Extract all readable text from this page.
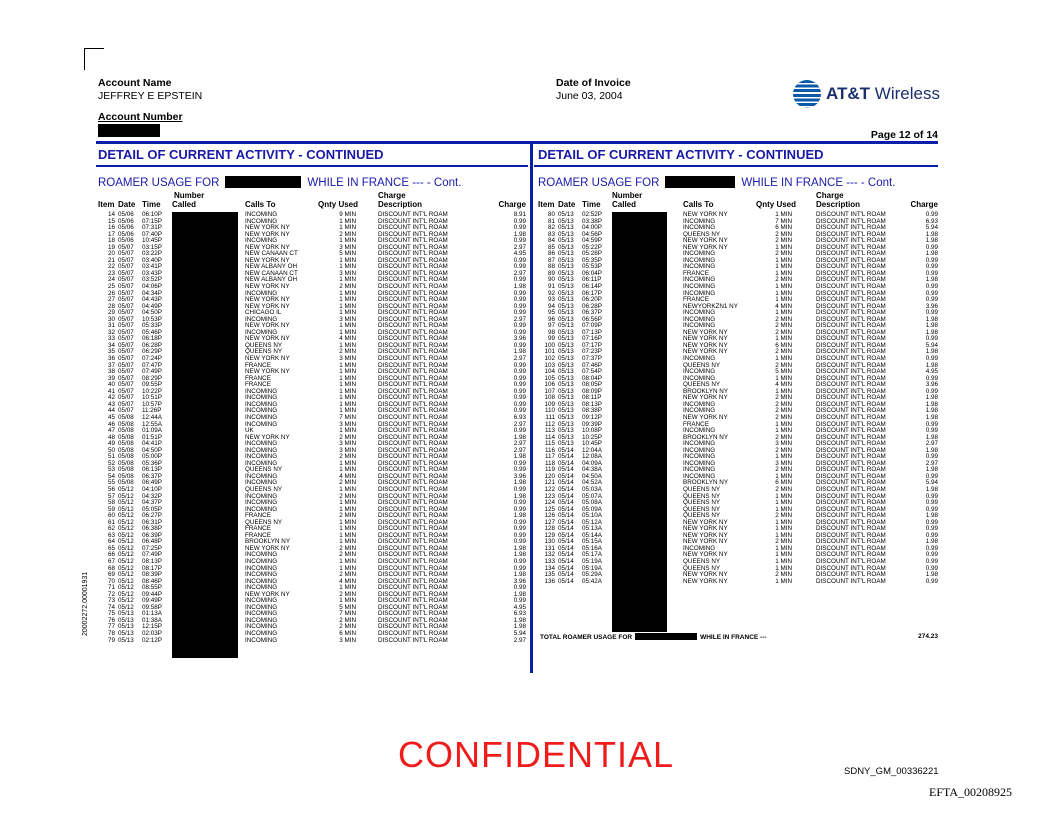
Account Name
JEFFREY E EPSTEIN
Account Number
Date of Invoice
June 03, 2004	AT&T Wireless
Page 12 of 14
DETAIL OF CURRENT ACTIVITY - CONTINUED	DETAIL OF CURRENT ACTIVITY - CONTINUED
ROAMER USAGE FOR	WHILE IN FRANCE --- - Cont.	ROAMER USAGE FOR	WHILE IN FRANCE --- - Cont.
Number	Charge
Item Date Time Called	Calls To	Qnty Used Description	Charge
Number	Charge
Item Date Time Called	Calls To	Qnty Used Description	Charge
14 05/06 06:10P	INCOMING	9 MIN	DISCOUNT INT'L ROAM	8.91
15 05/06 07:15P	INCOMING	1 MIN	DISCOUNT INT'L ROAM	0.99
16 05/06 07:31P	NEW YORK NY	1 MIN	DISCOUNT INT'L ROAM	0.99
17 05/06 07:40P	NEW YORK NY	2 MIN	DISCOUNT INT'L ROAM	1.98
18 05/06 10:45P	INCOMING	1 MIN	DISCOUNT INT'L ROAM	0.99
19 05/07 03:15P	NEW YORK NY	3 MIN	DISCOUNT INT'L ROAM	2.97
20 05/07 03:22P	NEW CANAAN CT	5 MIN	DISCOUNT INT'L ROAM	4.95
21 05/07 03:40P	NEW YORK NY	1 MIN	DISCOUNT INT'L ROAM	0.99
22 05/07 03:41P	NEW ALBANY OH	1 MIN	DISCOUNT INT'L ROAM	0.99
23 05/07 03:43P	NEW CANAAN CT	3 MIN	DISCOUNT INT'L ROAM	2.97
24 05/07 03:52P	NEW ALBANY OH	1 MIN	DISCOUNT INT'L ROAM	0.99
25 05/07 04:06P	NEW YORK NY	2 MIN	DISCOUNT INT'L ROAM	1.98
26 05/07 04:34P	INCOMING	1 MIN	DISCOUNT INT'L ROAM	0.99
27 05/07 04:43P	NEW YORK NY	1 MIN	DISCOUNT INT'L ROAM	0.99
28 05/07 04:49P	NEW YORK NY	1 MIN	DISCOUNT INT'L ROAM	0.99
29 05/07 04:50P	CHICAGO IL	1 MIN	DISCOUNT INT'L ROAM	0.99
30 05/07 10:53P	INCOMING	3 MIN	DISCOUNT INT'L ROAM	2.97
31 05/07 05:33P	NEW YORK NY	1 MIN	DISCOUNT INT'L ROAM	0.99
32 05/07 05:46P	INCOMING	1 MIN	DISCOUNT INT'L ROAM	0.99
33 05/07 06:18P	NEW YORK NY	4 MIN	DISCOUNT INT'L ROAM	3.96
34 05/07 06:28P	QUEENS NY	1 MIN	DISCOUNT INT'L ROAM	0.99
35 05/07 06:29P	QUEENS NY	2 MIN	DISCOUNT INT'L ROAM	1.98
36 05/07 07:24P	NEW YORK NY	3 MIN	DISCOUNT INT'L ROAM	2.97
37 05/07 07:47P	FRANCE	1 MIN	DISCOUNT INT'L ROAM	0.99
38 05/07 07:49P	NEW YORK NY	1 MIN	DISCOUNT INT'L ROAM	0.99
39 05/07 08:29P	FRANCE	1 MIN	DISCOUNT INT'L ROAM	0.99
40 05/07 09:55P	FRANCE	1 MIN	DISCOUNT INT'L ROAM	0.99
41 05/07 10:22P	INCOMING	1 MIN	DISCOUNT INT'L ROAM	0.99
42 05/07 10:51P	INCOMING	1 MIN	DISCOUNT INT'L ROAM	0.99
43 05/07 10:57P	INCOMING	1 MIN	DISCOUNT INT'L ROAM	0.99
44 05/07 11:26P	INCOMING	1 MIN	DISCOUNT INT'L ROAM	0.99
45 05/08 12:44A	INCOMING	7 MIN	DISCOUNT INT'L ROAM	6.93
46 05/08 12:55A	INCOMING	3 MIN	DISCOUNT INT'L ROAM	2.97
47 05/08 01:09A	UK	1 MIN	DISCOUNT INT'L ROAM	0.99
48 05/08 01:51P	NEW YORK NY	2 MIN	DISCOUNT INT'L ROAM	1.98
49 05/08 04:41P	INCOMING	3 MIN	DISCOUNT INT'L ROAM	2.97
50 05/08 04:50P	INCOMING	3 MIN	DISCOUNT INT'L ROAM	2.97
51 05/08 05:00P	INCOMING	2 MIN	DISCOUNT INT'L ROAM	1.98
52 05/08 05:36P	INCOMING	1 MIN	DISCOUNT INT'L ROAM	0.99
53 05/08 06:13P	QUEENS NY	1 MIN	DISCOUNT INT'L ROAM	0.99
54 05/08 06:37P	INCOMING	4 MIN	DISCOUNT INT'L ROAM	3.96
55 05/08 06:49P	INCOMING	2 MIN	DISCOUNT INT'L ROAM	1.98
56 05/12 04:10P	QUEENS NY	1 MIN	DISCOUNT INT'L ROAM	0.99
57 05/12 04:32P	INCOMING	2 MIN	DISCOUNT INT'L ROAM	1.98
58 05/12 04:37P	INCOMING	1 MIN	DISCOUNT INT'L ROAM	0.99
59 05/12 05:05P	INCOMING	1 MIN	DISCOUNT INT'L ROAM	0.99
60 05/12 06:27P	FRANCE	2 MIN	DISCOUNT INT'L ROAM	1.98
61 05/12 06:31P	QUEENS NY	1 MIN	DISCOUNT INT'L ROAM	0.99
62 05/12 06:38P	FRANCE	1 MIN	DISCOUNT INT'L ROAM	0.99
63 05/12 06:39P	FRANCE	1 MIN	DISCOUNT INT'L ROAM	0.99
64 05/12 06:48P	BROOKLYN NY	1 MIN	DISCOUNT INT'L ROAM	0.99
65 05/12 07:25P	NEW YORK NY	2 MIN	DISCOUNT INT'L ROAM	1.98
66 05/12 07:49P	INCOMING	2 MIN	DISCOUNT INT'L ROAM	1.98
67 05/12 08:13P	INCOMING	1 MIN	DISCOUNT INT'L ROAM	0.99
68 05/12 08:17P	INCOMING	1 MIN	DISCOUNT INT'L ROAM	0.99
69 05/12 08:39P	INCOMING	2 MIN	DISCOUNT INT'L ROAM	1.98
70 05/12 08:46P	INCOMING	4 MIN	DISCOUNT INT'L ROAM	3.96
71 05/12 08:55P	INCOMING	1 MIN	DISCOUNT INT'L ROAM	0.99
72 05/12 09:44P	NEW YORK NY	2 MIN	DISCOUNT INT'L ROAM	1.98
73 05/12 09:49P	INCOMING	1 MIN	DISCOUNT INT'L ROAM	0.99
74 05/12 09:58P	INCOMING	5 MIN	DISCOUNT INT'L ROAM	4.95
75 05/13 01:13A	INCOMING	7 MIN	DISCOUNT INT'L ROAM	6.93
76 05/13 01:38A	INCOMING	2 MIN	DISCOUNT INT'L ROAM	1.98
77 05/13 12:15P	INCOMING	2 MIN	DISCOUNT INT'L ROAM	1.98
78 05/13 02:03P	INCOMING	6 MIN	DISCOUNT INT'L ROAM	5.94
79 05/13 02:12P	INCOMING	3 MIN	DISCOUNT INT'L ROAM	2.97
80 05/13 02:52P	NEW YORK NY	1 MIN	DISCOUNT INT'L ROAM	0.99
81 05/13 03:38P	INCOMING	7 MIN	DISCOUNT INT'L ROAM	6.93
82 05/13 04:00P	INCOMING	6 MIN	DISCOUNT INT'L ROAM	5.94
83 05/13 04:56P	QUEENS NY	2 MIN	DISCOUNT INT'L ROAM	1.98
84 05/13 04:59P	NEW YORK NY	2 MIN	DISCOUNT INT'L ROAM	1.98
85 05/13 05:22P	NEW YORK NY	1 MIN	DISCOUNT INT'L ROAM	0.99
86 05/13 05:28P	INCOMING	2 MIN	DISCOUNT INT'L ROAM	1.98
87 05/13 05:35P	INCOMING	1 MIN	DISCOUNT INT'L ROAM	0.99
88 05/13 05:53P	INCOMING	1 MIN	DISCOUNT INT'L ROAM	0.99
89 05/13 06:04P	FRANCE	1 MIN	DISCOUNT INT'L ROAM	0.99
90 05/13 06:11P	INCOMING	2 MIN	DISCOUNT INT'L ROAM	1.98
91 05/13 06:14P	INCOMING	1 MIN	DISCOUNT INT'L ROAM	0.99
92 05/13 06:17P	INCOMING	1 MIN	DISCOUNT INT'L ROAM	0.99
93 05/13 06:20P	FRANCE	1 MIN	DISCOUNT INT'L ROAM	0.99
94 05/13 06:28P	NEWYORKZN1 NY	4 MIN	DISCOUNT INT'L ROAM	3.96
95 05/13 06:37P	INCOMING	1 MIN	DISCOUNT INT'L ROAM	0.99
96 05/13 06:56P	INCOMING	2 MIN	DISCOUNT INT'L ROAM	1.98
97 05/13 07:09P	INCOMING	2 MIN	DISCOUNT INT'L ROAM	1.98
98 05/13 07:13P	NEW YORK NY	2 MIN	DISCOUNT INT'L ROAM	1.98
99 05/13 07:16P	NEW YORK NY	1 MIN	DISCOUNT INT'L ROAM	0.99
100 05/13 07:17P	NEW YORK NY	6 MIN	DISCOUNT INT'L ROAM	5.94
101 05/13 07:23P	NEW YORK NY	2 MIN	DISCOUNT INT'L ROAM	1.98
102 05/13 07:37P	INCOMING	1 MIN	DISCOUNT INT'L ROAM	0.99
103 05/13 07:46P	QUEENS NY	2 MIN	DISCOUNT INT'L ROAM	1.98
104 05/13 07:54P	INCOMING	5 MIN	DISCOUNT INT'L ROAM	4.95
105 05/13 08:04P	INCOMING	1 MIN	DISCOUNT INT'L ROAM	0.99
106 05/13 08:05P	QUEENS NY	4 MIN	DISCOUNT INT'L ROAM	3.96
107 05/13 08:09P	BROOKLYN NY	1 MIN	DISCOUNT INT'L ROAM	0.99
108 05/13 08:11P	NEW YORK NY	2 MIN	DISCOUNT INT'L ROAM	1.98
109 05/13 08:13P	INCOMING	2 MIN	DISCOUNT INT'L ROAM	1.98
110 05/13 08:38P	INCOMING	2 MIN	DISCOUNT INT'L ROAM	1.98
111 05/13 09:12P	NEW YORK NY	2 MIN	DISCOUNT INT'L ROAM	1.98
112 05/13 09:39P	FRANCE	1 MIN	DISCOUNT INT'L ROAM	0.99
113 05/13 10:08P	INCOMING	1 MIN	DISCOUNT INT'L ROAM	0.99
114 05/13 10:25P	BROOKLYN NY	2 MIN	DISCOUNT INT'L ROAM	1.98
115 05/13 10:45P	INCOMING	3 MIN	DISCOUNT INT'L ROAM	2.97
116 05/14 12:04A	INCOMING	2 MIN	DISCOUNT INT'L ROAM	1.98
117 05/14 12:08A	INCOMING	1 MIN	DISCOUNT INT'L ROAM	0.99
118 05/14 04:09A	INCOMING	3 MIN	DISCOUNT INT'L ROAM	2.97
119 05/14 04:38A	INCOMING	2 MIN	DISCOUNT INT'L ROAM	1.98
120 05/14 04:50A	INCOMING	1 MIN	DISCOUNT INT'L ROAM	0.99
121 05/14 04:52A	BROOKLYN NY	6 MIN	DISCOUNT INT'L ROAM	5.94
122 05/14 05:03A	QUEENS NY	2 MIN	DISCOUNT INT'L ROAM	1.98
123 05/14 05:07A	QUEENS NY	1 MIN	DISCOUNT INT'L ROAM	0.99
124 05/14 05:08A	QUEENS NY	1 MIN	DISCOUNT INT'L ROAM	0.99
125 05/14 05:09A	QUEENS NY	1 MIN	DISCOUNT INT'L ROAM	0.99
126 05/14 05:10A	QUEENS NY	2 MIN	DISCOUNT INT'L ROAM	1.98
127 05/14 05:12A	NEW YORK NY	1 MIN	DISCOUNT INT'L ROAM	0.99
128 05/14 05:13A	NEW YORK NY	1 MIN	DISCOUNT INT'L ROAM	0.99
129 05/14 05:14A	NEW YORK NY	1 MIN	DISCOUNT INT'L ROAM	0.99
130 05/14 05:15A	NEW YORK NY	2 MIN	DISCOUNT INT'L ROAM	1.98
131 05/14 05:16A	INCOMING	1 MIN	DISCOUNT INT'L ROAM	0.99
132 05/14 05:17A	NEW YORK NY	1 MIN	DISCOUNT INT'L ROAM	0.99
133 05/14 05:19A	QUEENS NY	1 MIN	DISCOUNT INT'L ROAM	0.99
134 05/14 05:19A	QUEENS NY	1 MIN	DISCOUNT INT'L ROAM	0.99
135 05/14 05:29A	NEW YORK NY	2 MIN	DISCOUNT INT'L ROAM	1.98
136 05/14 05:42A	NEW YORK NY	1 MIN	DISCOUNT INT'L ROAM	0.99
TOTAL ROAMER USAGE FOR	WHILE IN FRANCE ---	274.23
20002272.00001931
CONFIDENTIAL	SDNY_GM_00336221
EFTA_00208925
